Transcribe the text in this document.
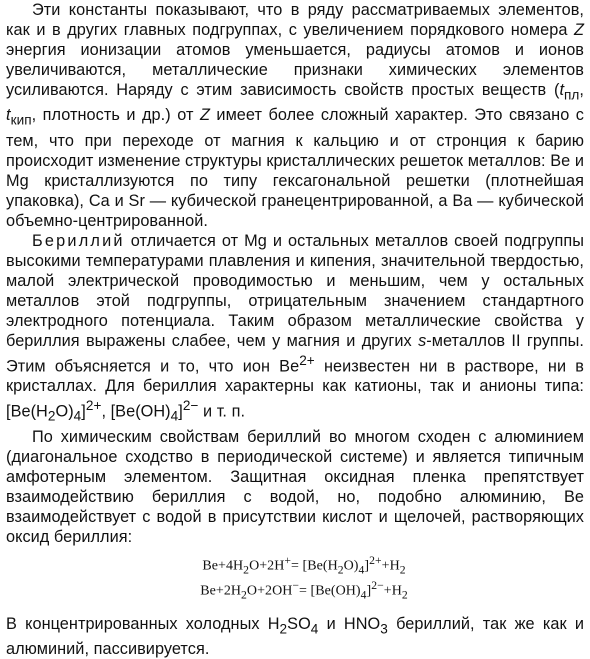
Эти константы показывают, что в ряду рассматриваемых элементов, как и в других главных подгруппах, с увеличением порядкового номера Z энергия ионизации атомов уменьшается, радиусы атомов и ионов увеличиваются, металлические признаки химических элементов усиливаются. Наряду с этим зависимость свойств простых веществ ($t_{пл}$, $t_{кип}$, плотность и др.) от Z имеет более сложный характер. Это связано с тем, что при переходе от магния к кальцию и от стронция к барию происходит изменение структуры кристаллических решеток металлов: Be и Mg кристаллизуются по типу гексагональной решетки (плотнейшая упаковка), Ca и Sr — кубической гранецентрированной, а Ba — кубической объемно-центрированной.

Бериллий отличается от Mg и остальных металлов своей подгруппы высокими температурами плавления и кипения, значительной твердостью, малой электрической проводимостью и меньшим, чем у остальных металлов этой подгруппы, отрицательным значением стандартного электродного потенциала. Таким образом металлические свойства у бериллия выражены слабее, чем у магния и других s-металлов II группы. Этим объясняется и то, что ион $Be^{2+}$ неизвестен ни в растворе, ни в кристаллах. Для бериллия характерны как катионы, так и анионы типа: $[Be(H_2O)_4]^{2+}$, $[Be(OH)_4]^{2-}$ и т. п.

По химическим свойствам бериллий во многом сходен с алюминием (диагональное сходство в периодической системе) и является типичным амфотерным элементом. Защитная оксидная пленка препятствует взаимодействию бериллия с водой, но, подобно алюминию, Be взаимодействует с водой в присутствии кислот и щелочей, растворяющих оксид бериллия:

$Be+4H_2O+2H^+= [Be(H_2O)_4]^{2+}+H_2$
$Be+2H_2O+2OH^-= [Be(OH)_4]^{2-}+H_2$

В концентрированных холодных $H_2SO_4$ и $HNO_3$ бериллий, так же как и алюминий, пассивируется.
